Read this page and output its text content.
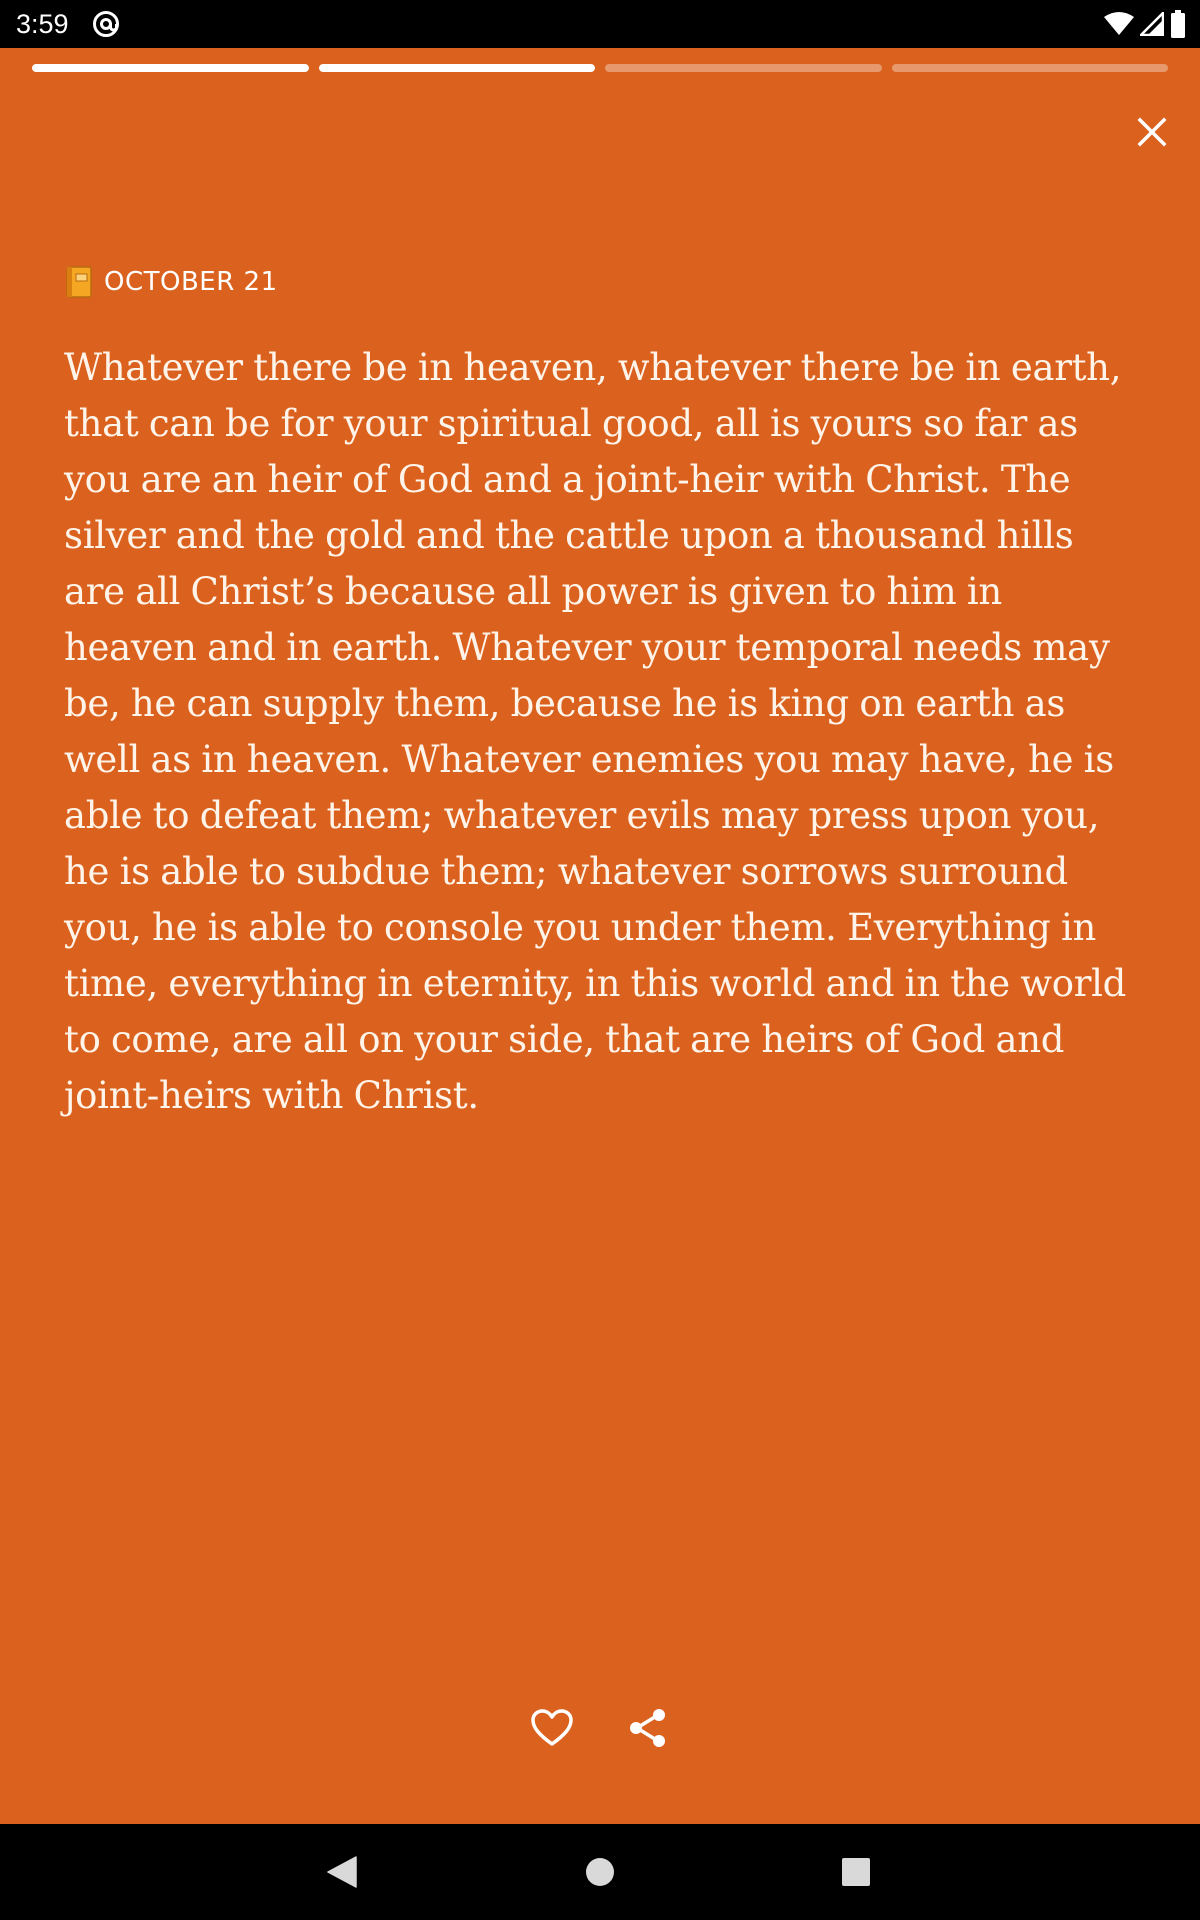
3:59
OCTOBER 21

Whatever there be in heaven, whatever there be in earth, that can be for your spiritual good, all is yours so far as you are an heir of God and a joint-heir with Christ. The silver and the gold and the cattle upon a thousand hills are all Christ’s because all power is given to him in heaven and in earth. Whatever your temporal needs may be, he can supply them, because he is king on earth as well as in heaven. Whatever enemies you may have, he is able to defeat them; whatever evils may press upon you, he is able to subdue them; whatever sorrows surround you, he is able to console you under them. Everything in time, everything in eternity, in this world and in the world to come, are all on your side, that are heirs of God and joint-heirs with Christ.
